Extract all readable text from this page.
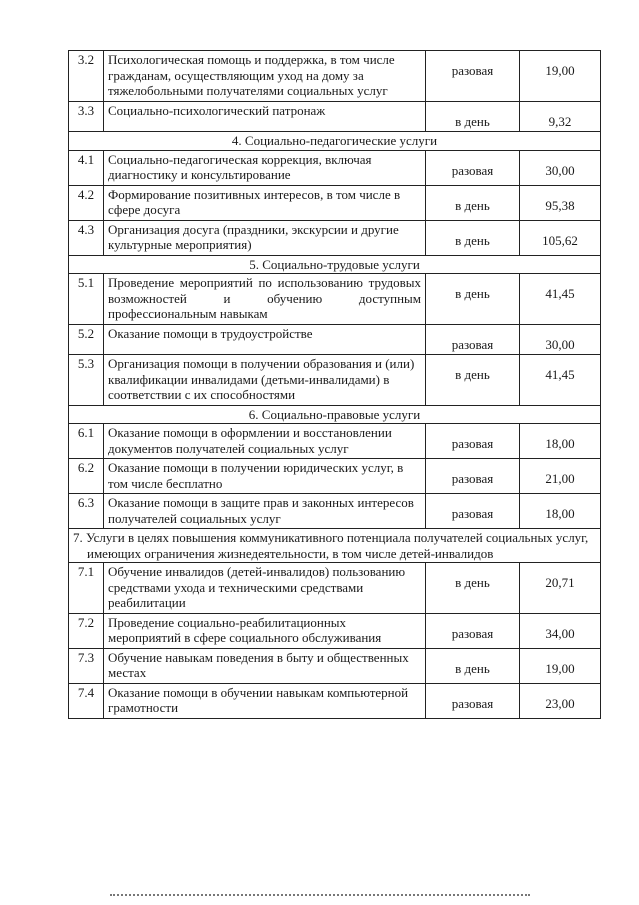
3.2	Психологическая помощь и поддержка, в том числе гражданам, осуществляющим уход на дому за тяжелобольными получателями социальных услуг	разовая	19,00
3.3	Социально-психологический патронаж	в день	9,32
4. Социально-педагогические услуги			
4.1	Социально-педагогическая коррекция, включая диагностику и консультирование	разовая	30,00
4.2	Формирование позитивных интересов, в том числе в сфере досуга	в день	95,38
4.3	Организация досуга (праздники, экскурсии и другие культурные мероприятия)	в день	105,62
5. Социально-трудовые услуги			
5.1	Проведение мероприятий по использованию трудовых возможностей и обучению доступным профессиональным навыкам	в день	41,45
5.2	Оказание помощи в трудоустройстве	разовая	30,00
5.3	Организация помощи в получении образования и (или) квалификации инвалидами (детьми-инвалидами) в соответствии с их способностями	в день	41,45
6. Социально-правовые услуги			
6.1	Оказание помощи в оформлении и восстановлении документов получателей социальных услуг	разовая	18,00
6.2	Оказание помощи в получении юридических услуг, в том числе бесплатно	разовая	21,00
6.3	Оказание помощи в защите прав и законных интересов получателей социальных услуг	разовая	18,00
7. Услуги в целях повышения коммуникативного потенциала получателей социальных услуг, имеющих ограничения жизнедеятельности, в том числе детей-инвалидов			
7.1	Обучение инвалидов (детей-инвалидов) пользованию средствами ухода и техническими средствами реабилитации	в день	20,71
7.2	Проведение социально-реабилитационных мероприятий в сфере социального обслуживания	разовая	34,00
7.3	Обучение навыкам поведения в быту и общественных местах	в день	19,00
7.4	Оказание помощи в обучении навыкам компьютерной грамотности	разовая	23,00
